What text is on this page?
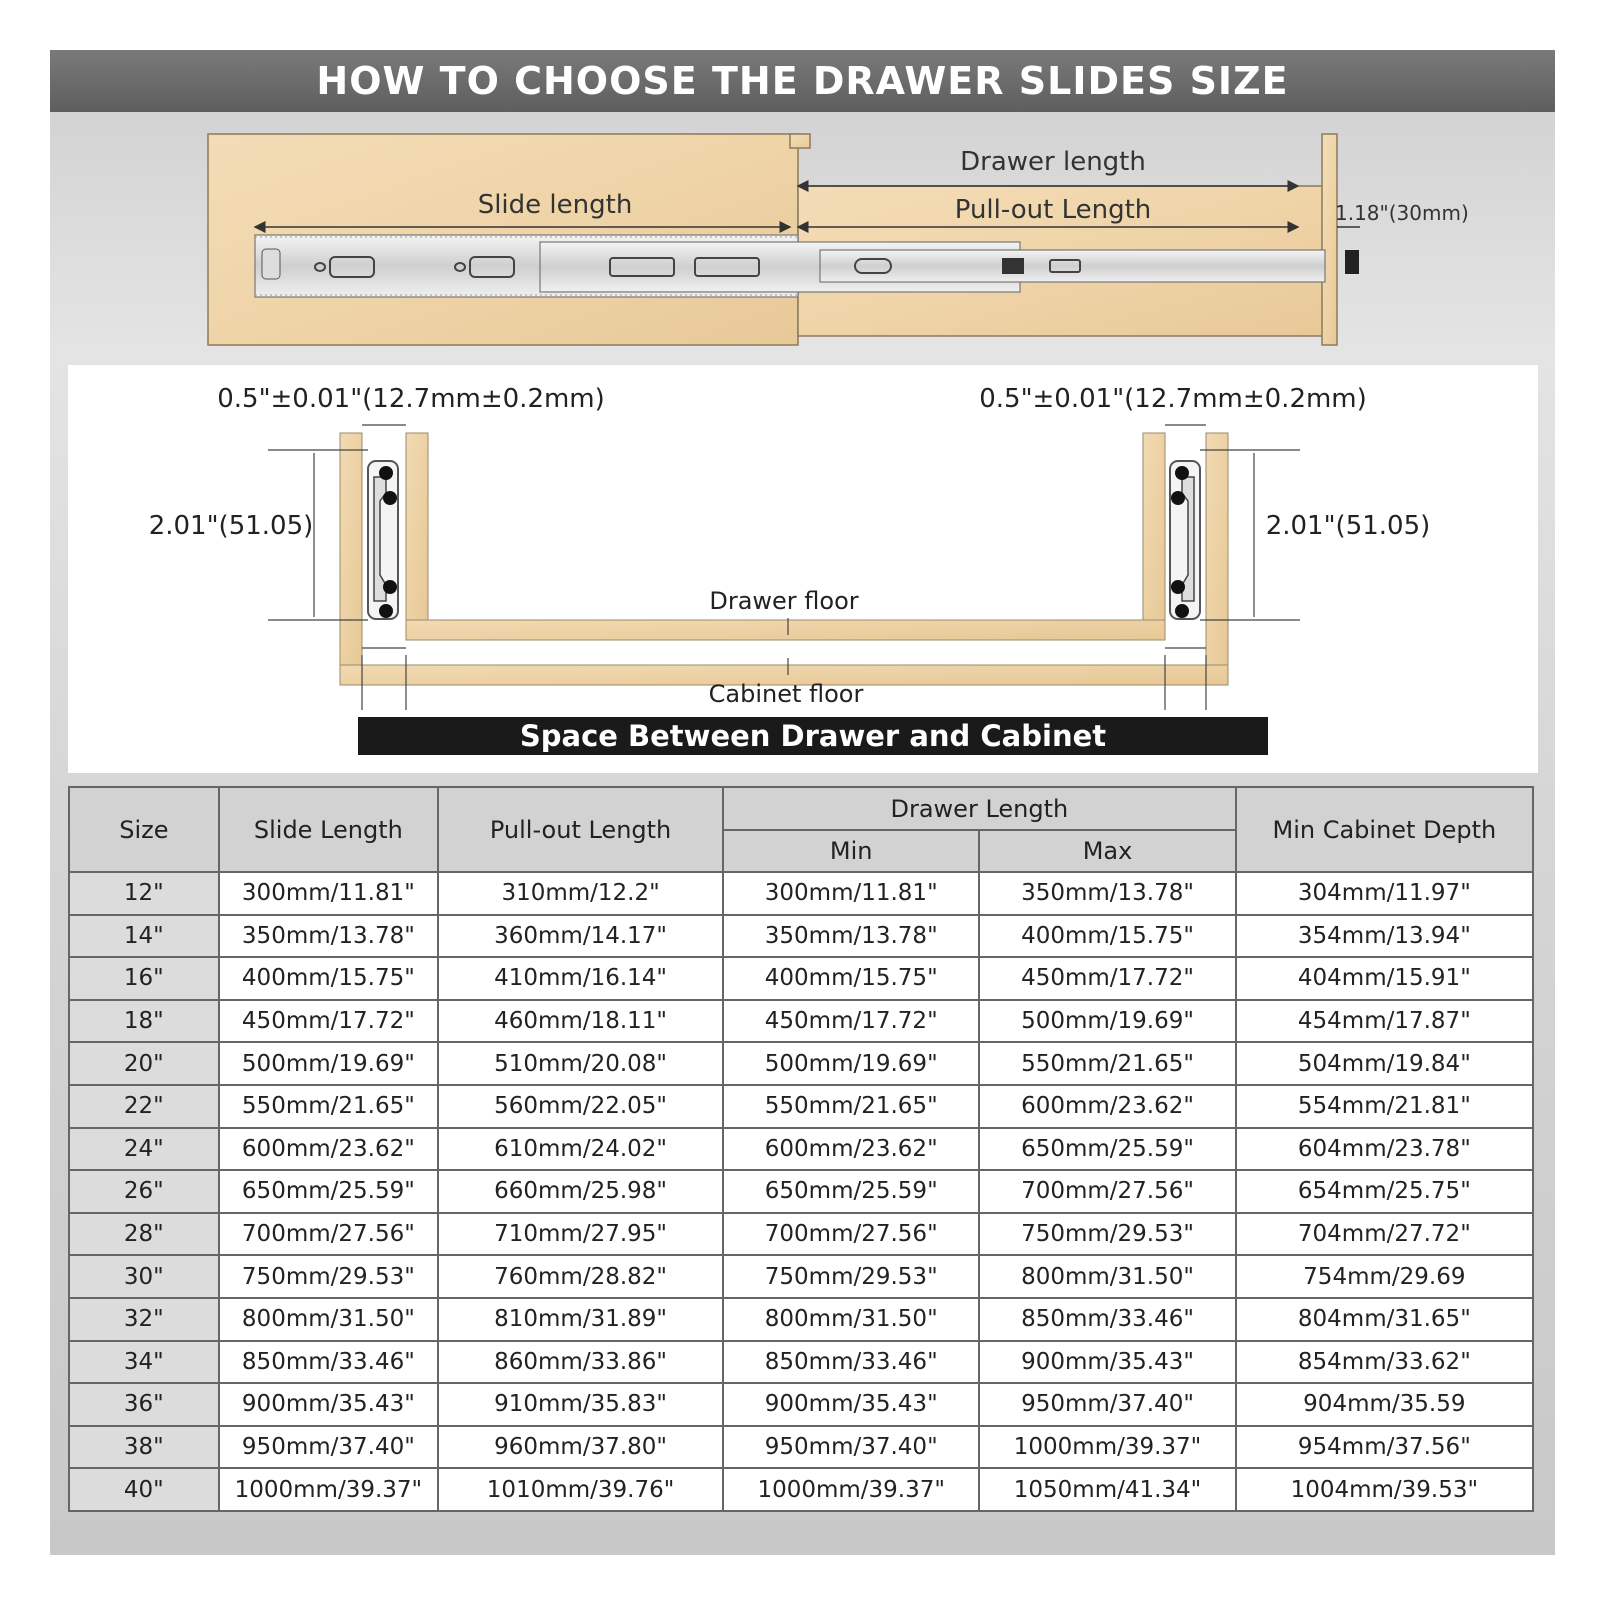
HOW TO CHOOSE THE DRAWER SLIDES SIZE
Drawer length
Slide length	Pull-out Length	1.18"(30mm)
0.5"±0.01"(12.7mm±0.2mm)	0.5"±0.01"(12.7mm±0.2mm)
2.01"(51.05)	2.01"(51.05)
Drawer floor
Cabinet floor
Space Between Drawer and Cabinet
Size	Slide Length	Pull-out Length	Drawer Length		Min Cabinet Depth
			Min	Max	
12"	300mm/11.81"	310mm/12.2"	300mm/11.81"	350mm/13.78"	304mm/11.97"
14"	350mm/13.78"	360mm/14.17"	350mm/13.78"	400mm/15.75"	354mm/13.94"
16"	400mm/15.75"	410mm/16.14"	400mm/15.75"	450mm/17.72"	404mm/15.91"
18"	450mm/17.72"	460mm/18.11"	450mm/17.72"	500mm/19.69"	454mm/17.87"
20"	500mm/19.69"	510mm/20.08"	500mm/19.69"	550mm/21.65"	504mm/19.84"
22"	550mm/21.65"	560mm/22.05"	550mm/21.65"	600mm/23.62"	554mm/21.81"
24"	600mm/23.62"	610mm/24.02"	600mm/23.62"	650mm/25.59"	604mm/23.78"
26"	650mm/25.59"	660mm/25.98"	650mm/25.59"	700mm/27.56"	654mm/25.75"
28"	700mm/27.56"	710mm/27.95"	700mm/27.56"	750mm/29.53"	704mm/27.72"
30"	750mm/29.53"	760mm/28.82"	750mm/29.53"	800mm/31.50"	754mm/29.69
32"	800mm/31.50"	810mm/31.89"	800mm/31.50"	850mm/33.46"	804mm/31.65"
34"	850mm/33.46"	860mm/33.86"	850mm/33.46"	900mm/35.43"	854mm/33.62"
36"	900mm/35.43"	910mm/35.83"	900mm/35.43"	950mm/37.40"	904mm/35.59
38"	950mm/37.40"	960mm/37.80"	950mm/37.40"	1000mm/39.37"	954mm/37.56"
40"	1000mm/39.37"	1010mm/39.76"	1000mm/39.37"	1050mm/41.34"	1004mm/39.53"
